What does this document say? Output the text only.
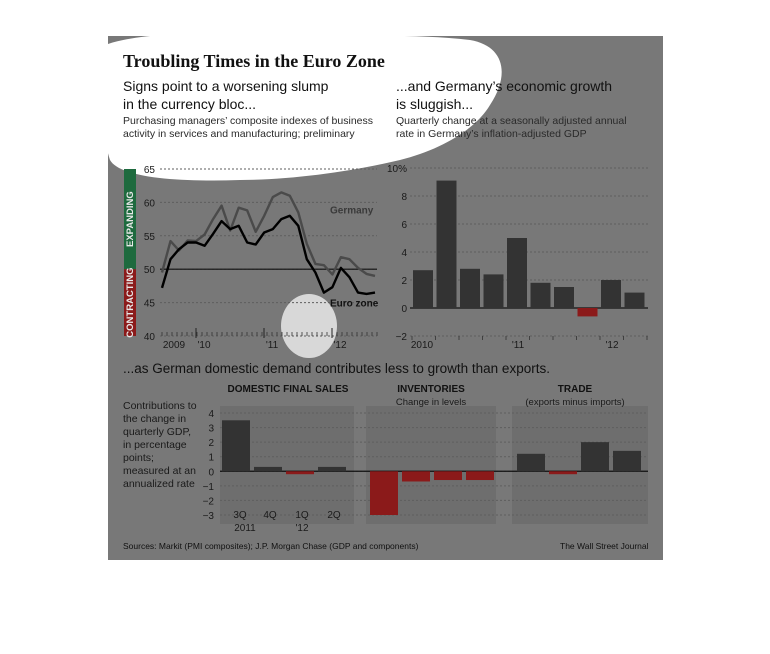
Troubling Times in the Euro Zone
Signs point to a worsening slump
in the currency bloc...
Purchasing managers’ composite indexes of business activity in services and manufacturing; preliminary
...and Germany’s economic growth
is sluggish...
Quarterly change at a seasonally adjusted annual rate in Germany’s inflation-adjusted GDP
EXPANDING
CONTRACTING 40
45
50
55
60
65
2009 '10	'11	'12
Germany
Euro zone
−2
0
2
4
6
8
10%
2010	'11	'12
−3
−2
−1
0
1
2
3
4
3Q 4Q 1Q 2Q
2011	'12
...as German domestic demand contributes less to growth than exports.
Contributions to the change in quarterly GDP, in percentage points; measured at an annualized rate
DOMESTIC FINAL SALES	INVENTORIES
Change in levels
TRADE
(exports minus imports)
Sources: Markit (PMI composites); J.P. Morgan Chase (GDP and components)	The Wall Street Journal
